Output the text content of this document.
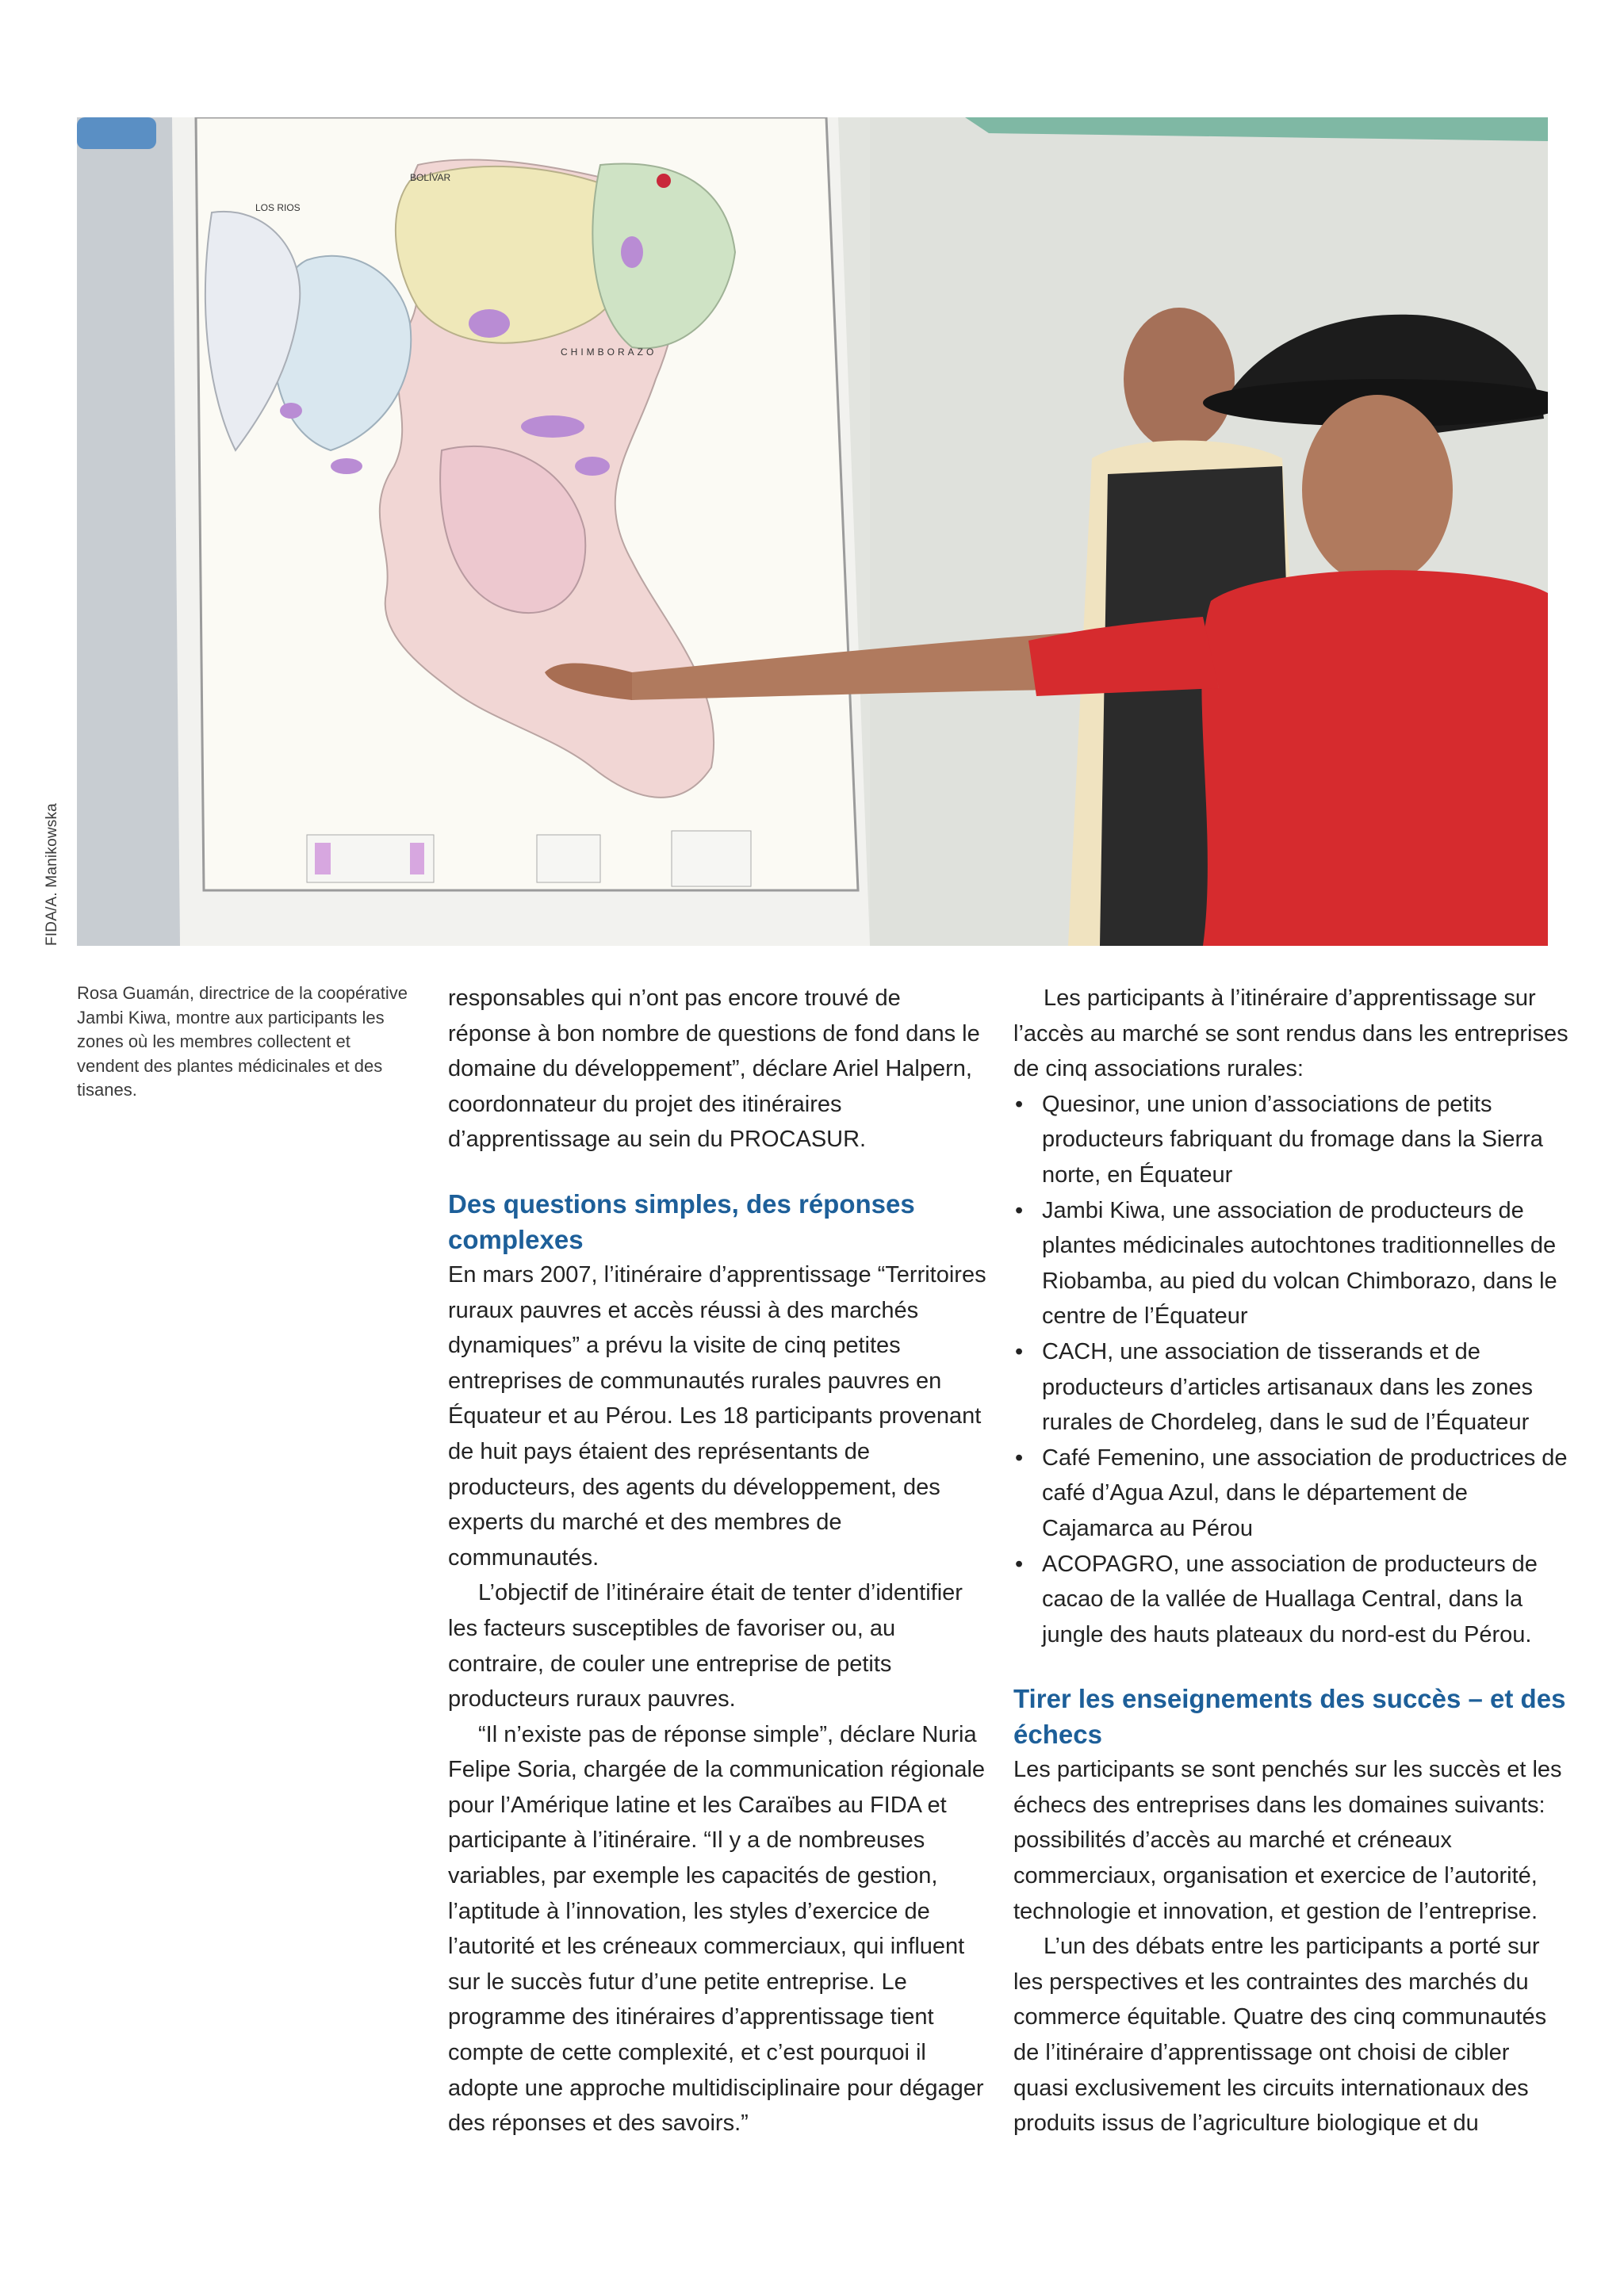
LOS RIOS
BOLÍVAR
CHIMBORAZO
FIDA/A. Manikowska
Rosa Guamán, directrice de la coopérative Jambi Kiwa, montre aux participants les zones où les membres collectent et vendent des plantes médicinales et des tisanes.

responsables qui n’ont pas encore trouvé de réponse à bon nombre de questions de fond dans le domaine du développement”, déclare Ariel Halpern, coordonnateur du projet des itinéraires d’apprentissage au sein du PROCASUR.

Des questions simples, des réponses complexes

En mars 2007, l’itinéraire d’apprentissage “Territoires ruraux pauvres et accès réussi à des marchés dynamiques” a prévu la visite de cinq petites entreprises de communautés rurales pauvres en Équateur et au Pérou. Les 18 participants provenant de huit pays étaient des représentants de producteurs, des agents du développement, des experts du marché et des membres de communautés.

L’objectif de l’itinéraire était de tenter d’identifier les facteurs susceptibles de favoriser ou, au contraire, de couler une entreprise de petits producteurs ruraux pauvres.

“Il n’existe pas de réponse simple”, déclare Nuria Felipe Soria, chargée de la communication régionale pour l’Amérique latine et les Caraïbes au FIDA et participante à l’itinéraire. “Il y a de nombreuses variables, par exemple les capacités de gestion, l’aptitude à l’innovation, les styles d’exercice de l’autorité et les créneaux commerciaux, qui influent sur le succès futur d’une petite entreprise. Le programme des itinéraires d’apprentissage tient compte de cette complexité, et c’est pourquoi il adopte une approche multidisciplinaire pour dégager des réponses et des savoirs.”

Les participants à l’itinéraire d’apprentissage sur l’accès au marché se sont rendus dans les entreprises de cinq associations rurales:

• Quesinor, une union d’associations de petits producteurs fabriquant du fromage dans la Sierra norte, en Équateur
• Jambi Kiwa, une association de producteurs de plantes médicinales autochtones traditionnelles de Riobamba, au pied du volcan Chimborazo, dans le centre de l’Équateur
• CACH, une association de tisserands et de producteurs d’articles artisanaux dans les zones rurales de Chordeleg, dans le sud de l’Équateur
• Café Femenino, une association de productrices de café d’Agua Azul, dans le département de Cajamarca au Pérou
• ACOPAGRO, une association de producteurs de cacao de la vallée de Huallaga Central, dans la jungle des hauts plateaux du nord-est du Pérou.
Tirer les enseignements des succès – et des échecs

Les participants se sont penchés sur les succès et les échecs des entreprises dans les domaines suivants: possibilités d’accès au marché et créneaux commerciaux, organisation et exercice de l’autorité, technologie et innovation, et gestion de l’entreprise.

L’un des débats entre les participants a porté sur les perspectives et les contraintes des marchés du commerce équitable. Quatre des cinq communautés de l’itinéraire d’apprentissage ont choisi de cibler quasi exclusivement les circuits internationaux des produits issus de l’agriculture biologique et du
